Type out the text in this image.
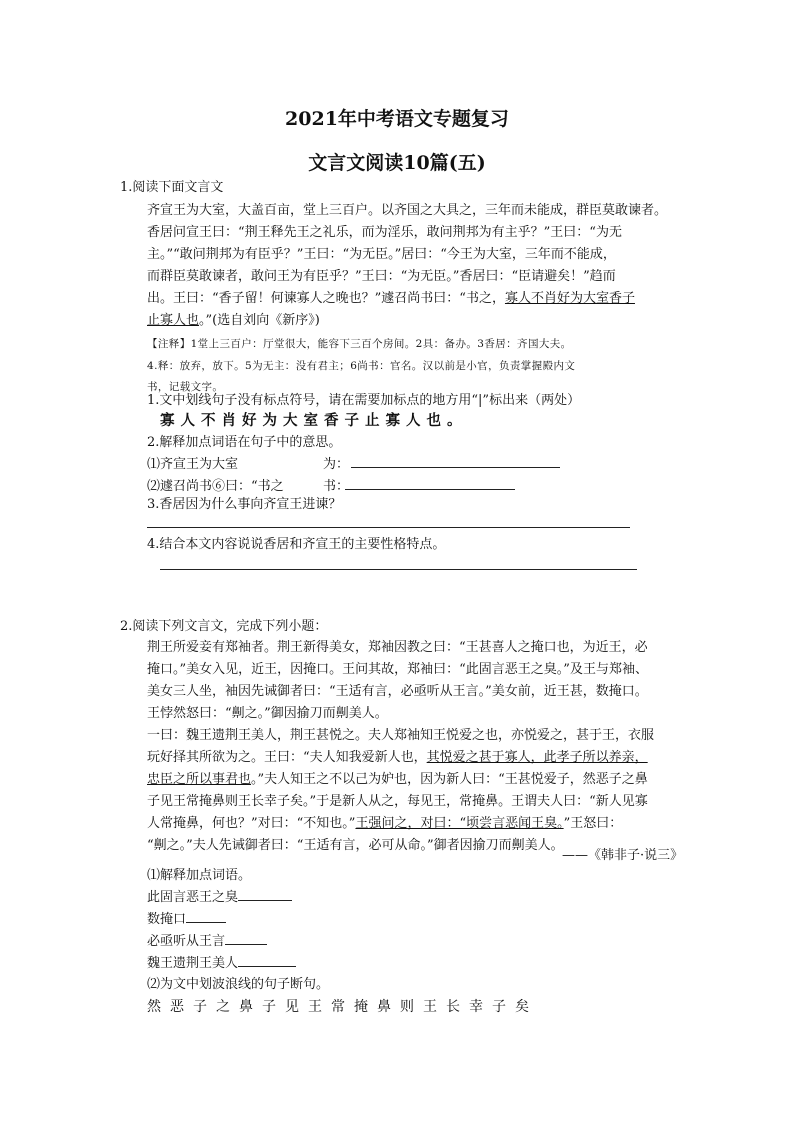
2021年中考语文专题复习
文言文阅读10篇(五)
1.阅读下面文言文
齐宣王为大室，大盖百亩，堂上三百户。以齐国之大具之，三年而未能成，群臣莫敢谏者。
香居问宣王曰：“荆王释先王之礼乐，而为淫乐，敢问荆邦为有主乎？”王曰：“为无
主。”“敢问荆邦为有臣乎？”王曰：“为无臣。”居曰：“今王为大室，三年而不能成，
而群臣莫敢谏者，敢问王为有臣乎？”王曰：“为无臣。”香居曰：“臣请避矣！”趋而
出。王曰：“香子留！何谏寡人之晚也？”遽召尚书曰：“书之，寡人不肖好为大室香子
止寡人也。”(选自刘向《新序》)
【注释】1堂上三百户：厅堂很大，能容下三百个房间。2具：备办。3香居：齐国大夫。
4.释：放弃，放下。5为无主：没有君主；6尚书：官名。汉以前是小官，负责掌握殿内文
书，记载文字。
1.文中划线句子没有标点符号，请在需要加标点的地方用“|”标出来（两处）
寡人不肖好为大室香子止寡人也。
2.解释加点词语在句子中的意思。
⑴齐宣王为大室	为：
⑵遽召尚书⑥曰：“书之	书：
3.香居因为什么事向齐宣王进谏？
4.结合本文内容说说香居和齐宣王的主要性格特点。
2.阅读下列文言文，完成下列小题：
荆王所爱妾有郑袖者。荆王新得美女，郑袖因教之曰：“王甚喜人之掩口也，为近王，必
掩口。”美女入见，近王，因掩口。王问其故，郑袖曰：“此固言恶王之臭。”及王与郑袖、
美女三人坐，袖因先诫御者曰：“王适有言，必亟听从王言。”美女前，近王甚，数掩口。
王悖然怒曰：“劓之。”御因揄刀而劓美人。
一曰：魏王遗荆王美人，荆王甚悦之。夫人郑袖知王悦爱之也，亦悦爱之，甚于王，衣服
玩好择其所欲为之。王曰：“夫人知我爱新人也，其悦爱之甚于寡人，此孝子所以养亲，
忠臣之所以事君也。”夫人知王之不以己为妒也，因为新人曰：“王甚悦爱子，然恶子之鼻
子见王常掩鼻则王长幸子矣。”于是新人从之，每见王，常掩鼻。王谓夫人曰：“新人见寡
人常掩鼻，何也？”对曰：“不知也。”王强问之，对曰：“顷尝言恶闻王臭。”王怒曰：
“劓之。”夫人先诫御者曰：“王适有言，必可从命。”御者因揄刀而劓美人。
——《韩非子·说三》
⑴解释加点词语。
此固言恶王之臭
数掩口
必亟听从王言
魏王遗荆王美人
⑵为文中划波浪线的句子断句。
然恶子之鼻子见王常掩鼻则王长幸子矣
